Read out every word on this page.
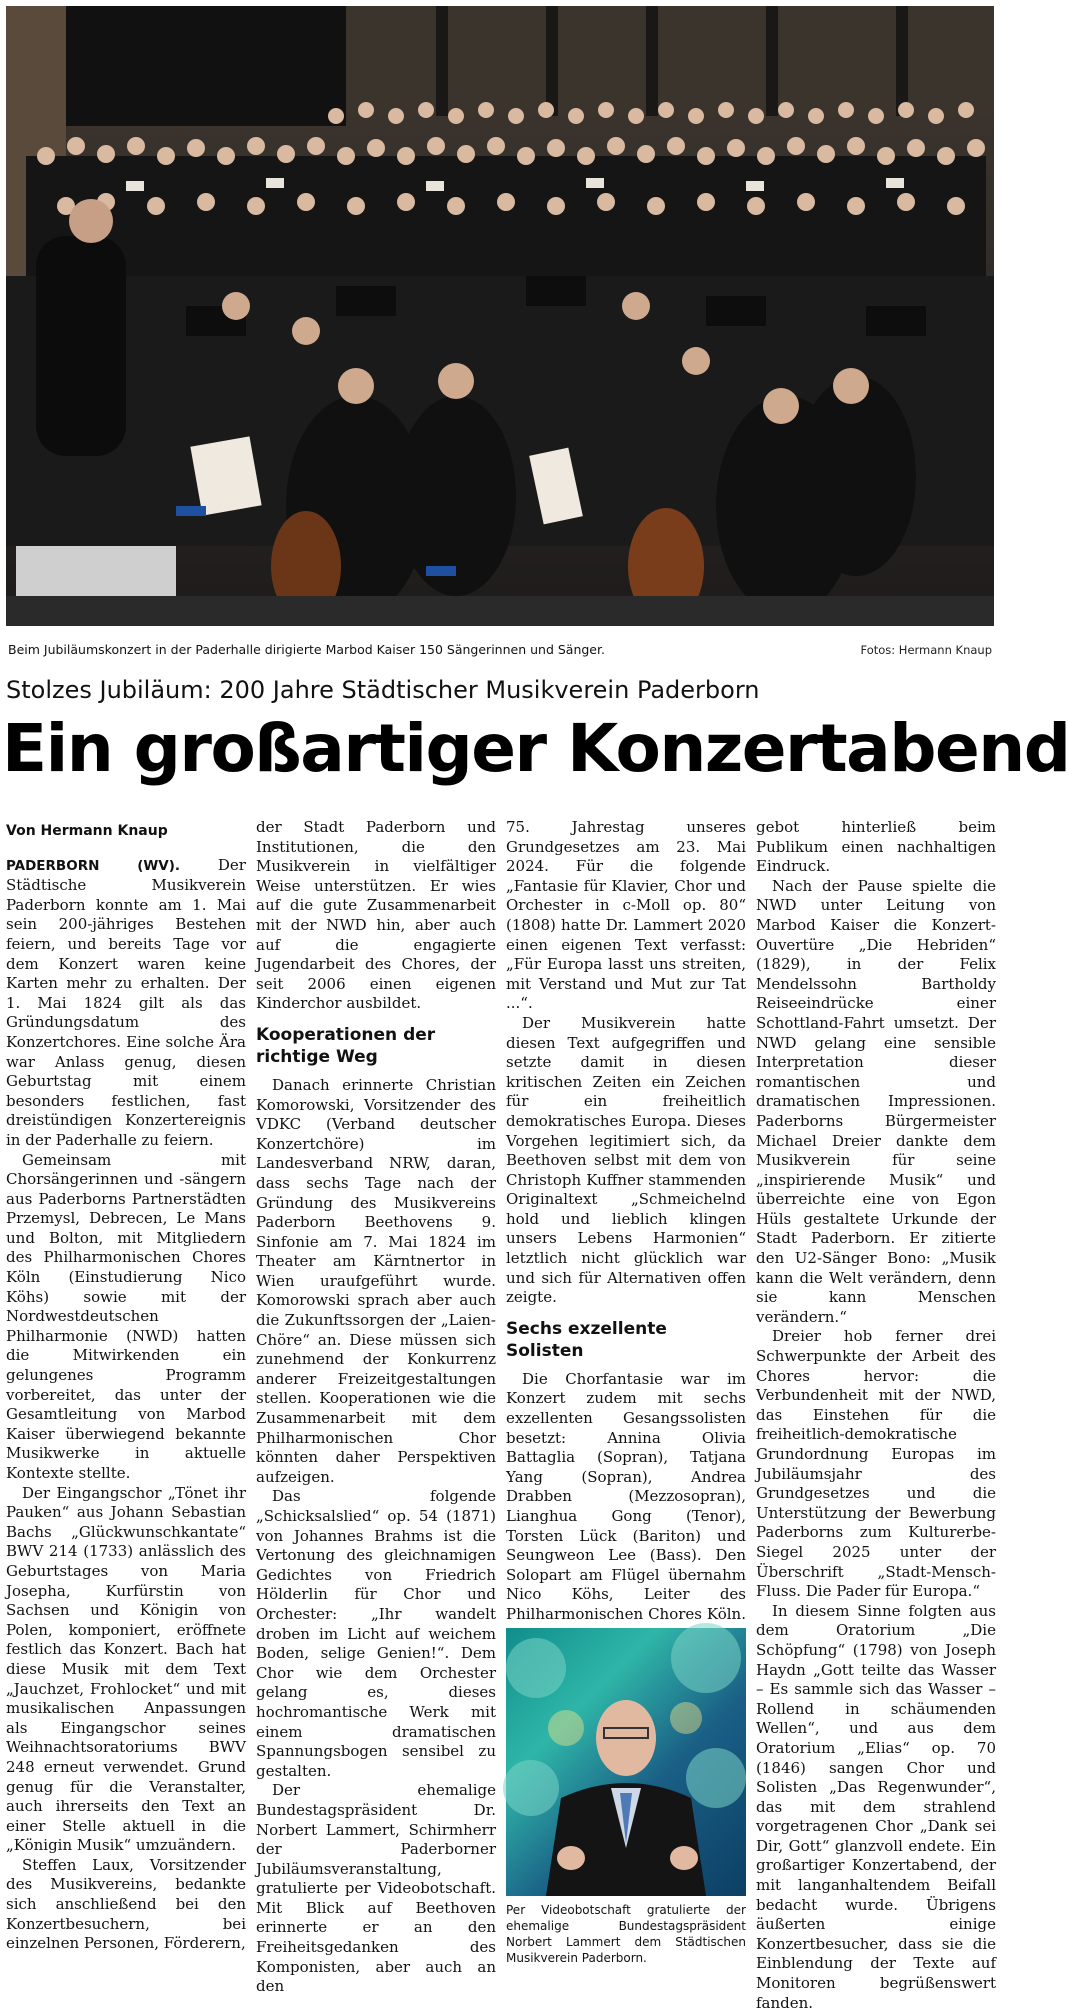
Beim Jubiläumskonzert in der Paderhalle dirigierte Marbod Kaiser 150 Sängerinnen und Sänger.	Fotos: Hermann Knaup
Stolzes Jubiläum: 200 Jahre Städtischer Musikverein Paderborn
Ein großartiger Konzertabend
Von Hermann Knaup

PADERBORN (WV).	Der Städtische Musikverein Paderborn konnte am 1. Mai sein 200-jähriges Bestehen feiern, und bereits Tage vor dem Konzert waren keine Karten mehr zu erhalten. Der 1. Mai 1824 gilt als das Gründungsdatum des Konzertchores. Eine solche Ära war Anlass genug, diesen Geburtstag mit einem besonders festlichen, fast dreistündigen Konzertereignis in der Paderhalle zu feiern.

Gemeinsam mit Chorsängerinnen und -sängern aus Paderborns Partnerstädten Przemysl, Debrecen, Le Mans und Bolton, mit Mitgliedern des Philharmonischen Chores Köln (Einstudierung Nico Köhs) sowie mit der Nordwestdeutschen Philharmonie (NWD) hatten die Mitwirkenden ein gelungenes Programm vorbereitet, das unter der Gesamtleitung von Marbod Kaiser überwiegend bekannte Musikwerke in aktuelle Kontexte stellte.

Der Eingangschor „Tönet ihr Pauken“ aus Johann Sebastian Bachs „Glückwunschkantate“ BWV 214 (1733) anlässlich des Geburtstages von Maria Josepha, Kurfürstin von Sachsen und Königin von Polen, komponiert, eröffnete festlich das Konzert. Bach hat diese Musik mit dem Text „Jauchzet, Frohlocket“ und mit musikalischen Anpassungen als Eingangschor seines Weihnachtsoratoriums BWV 248 erneut verwendet. Grund genug für die Veranstalter, auch ihrerseits den Text an einer Stelle aktuell in die „Königin Musik“ umzuändern.

Steffen Laux, Vorsitzender des Musikvereins, bedankte sich anschließend bei den Konzertbesuchern, bei einzelnen Personen, Förderern,

der Stadt Paderborn und Institutionen, die den Musikverein in vielfältiger Weise unterstützen. Er wies auf die gute Zusammenarbeit mit der NWD hin, aber auch auf die engagierte Jugendarbeit des Chores, der seit 2006 einen eigenen Kinderchor ausbildet.

Kooperationen der richtige Weg

Danach erinnerte Christian Komorowski, Vorsitzender des VDKC (Verband deutscher Konzertchöre) im Landesverband NRW, daran, dass sechs Tage nach der Gründung des Musikvereins Paderborn Beethovens 9. Sinfonie am 7. Mai 1824 im Theater am Kärntnertor in Wien uraufgeführt wurde. Komorowski sprach aber auch die Zukunftssorgen der „Laien-Chöre“ an. Diese müssen sich zunehmend der Konkurrenz anderer Freizeitgestaltungen stellen. Kooperationen wie die Zusammenarbeit mit dem Philharmonischen Chor könnten daher Perspektiven aufzeigen.

Das folgende „Schicksalslied“ op. 54 (1871) von Johannes Brahms ist die Vertonung des gleichnamigen Gedichtes von Friedrich Hölderlin für Chor und Orchester: „Ihr wandelt droben im Licht auf weichem Boden, selige Genien!“. Dem Chor wie dem Orchester gelang es, dieses hochromantische Werk mit einem dramatischen Spannungsbogen sensibel zu gestalten.

Der ehemalige Bundestagspräsident Dr. Norbert Lammert, Schirmherr der Paderborner Jubiläumsveranstaltung, gratulierte per Videobotschaft. Mit Blick auf Beethoven erinnerte er an den Freiheitsgedanken des Komponisten, aber auch an den

75. Jahrestag unseres Grundgesetzes am 23. Mai 2024. Für die folgende „Fantasie für Klavier, Chor und Orchester in c-Moll op. 80“ (1808) hatte Dr. Lammert 2020 einen eigenen Text verfasst: „Für Europa lasst uns streiten, mit Verstand und Mut zur Tat ...“.

Der Musikverein hatte diesen Text aufgegriffen und setzte damit in diesen kritischen Zeiten ein Zeichen für ein freiheitlich demokratisches Europa. Dieses Vorgehen legitimiert sich, da Beethoven selbst mit dem von Christoph Kuffner stammenden Originaltext „Schmeichelnd hold und lieblich klingen unsers Lebens Harmonien“ letztlich nicht glücklich war und sich für Alternativen offen zeigte.

Sechs exzellente Solisten

Die Chorfantasie war im Konzert zudem mit sechs exzellenten Gesangssolisten besetzt: Annina Olivia Battaglia (Sopran), Tatjana Yang (Sopran), Andrea Drabben (Mezzosopran), Lianghua Gong (Tenor), Torsten Lück (Bariton) und Seungweon Lee (Bass). Den Solopart am Flügel übernahm Nico Köhs, Leiter des Philharmonischen Chores Köln.

Per Videobotschaft gratulierte der ehemalige Bundestagspräsident Norbert Lammert dem Städtischen Musikverein Paderborn.

gebot hinterließ beim Publikum einen nachhaltigen Eindruck.

Nach der Pause spielte die NWD unter Leitung von Marbod Kaiser die Konzert-Ouvertüre „Die Hebriden“ (1829), in der Felix Mendelssohn Bartholdy Reiseeindrücke einer Schottland-Fahrt umsetzt. Der NWD gelang eine sensible Interpretation dieser romantischen und dramatischen Impressionen. Paderborns Bürgermeister Michael Dreier dankte dem Musikverein für seine „inspirierende Musik“ und überreichte eine von Egon Hüls gestaltete Urkunde der Stadt Paderborn. Er zitierte den U2-Sänger Bono: „Musik kann die Welt verändern, denn sie kann Menschen verändern.“

Dreier hob ferner drei Schwerpunkte der Arbeit des Chores hervor: die Verbundenheit mit der NWD, das Einstehen für die freiheitlich-demokratische Grundordnung Europas im Jubiläumsjahr des Grundgesetzes und die Unterstützung der Bewerbung Paderborns zum Kulturerbe-Siegel 2025 unter der Überschrift „Stadt-Mensch-Fluss. Die Pader für Europa.“

In diesem Sinne folgten aus dem Oratorium „Die Schöpfung“ (1798) von Joseph Haydn „Gott teilte das Wasser – Es sammle sich das Wasser – Rollend in schäumenden Wellen“, und aus dem Oratorium „Elias“ op. 70 (1846) sangen Chor und Solisten „Das Regenwunder“, das mit dem strahlend vorgetragenen Chor „Dank sei Dir, Gott“ glanzvoll endete. Ein großartiger Konzertabend, der mit langanhaltendem Beifall bedacht wurde. Übrigens äußerten einige Konzertbesucher, dass sie die Einblendung der Texte auf Monitoren begrüßenswert fanden.
